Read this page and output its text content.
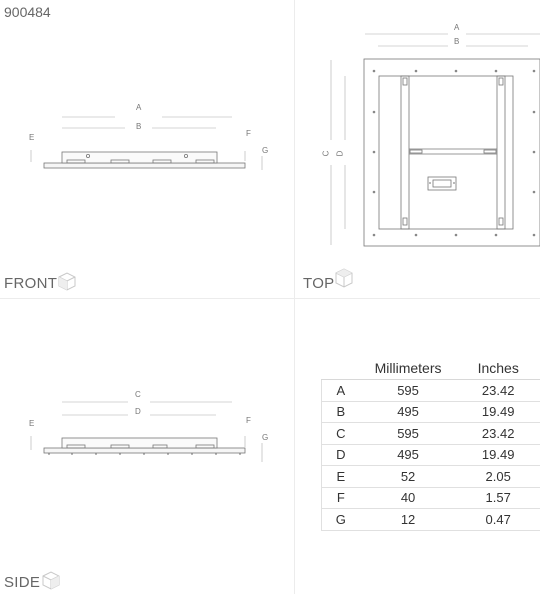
900484
A
B
E	F
G
FRONT
A
B
C D
TOP
C
D
E	F
G
SIDE
	Millimeters	Inches
A	595	23.42
B	495	19.49
C	595	23.42
D	495	19.49
E	52	2.05
F	40	1.57
G	12	0.47
